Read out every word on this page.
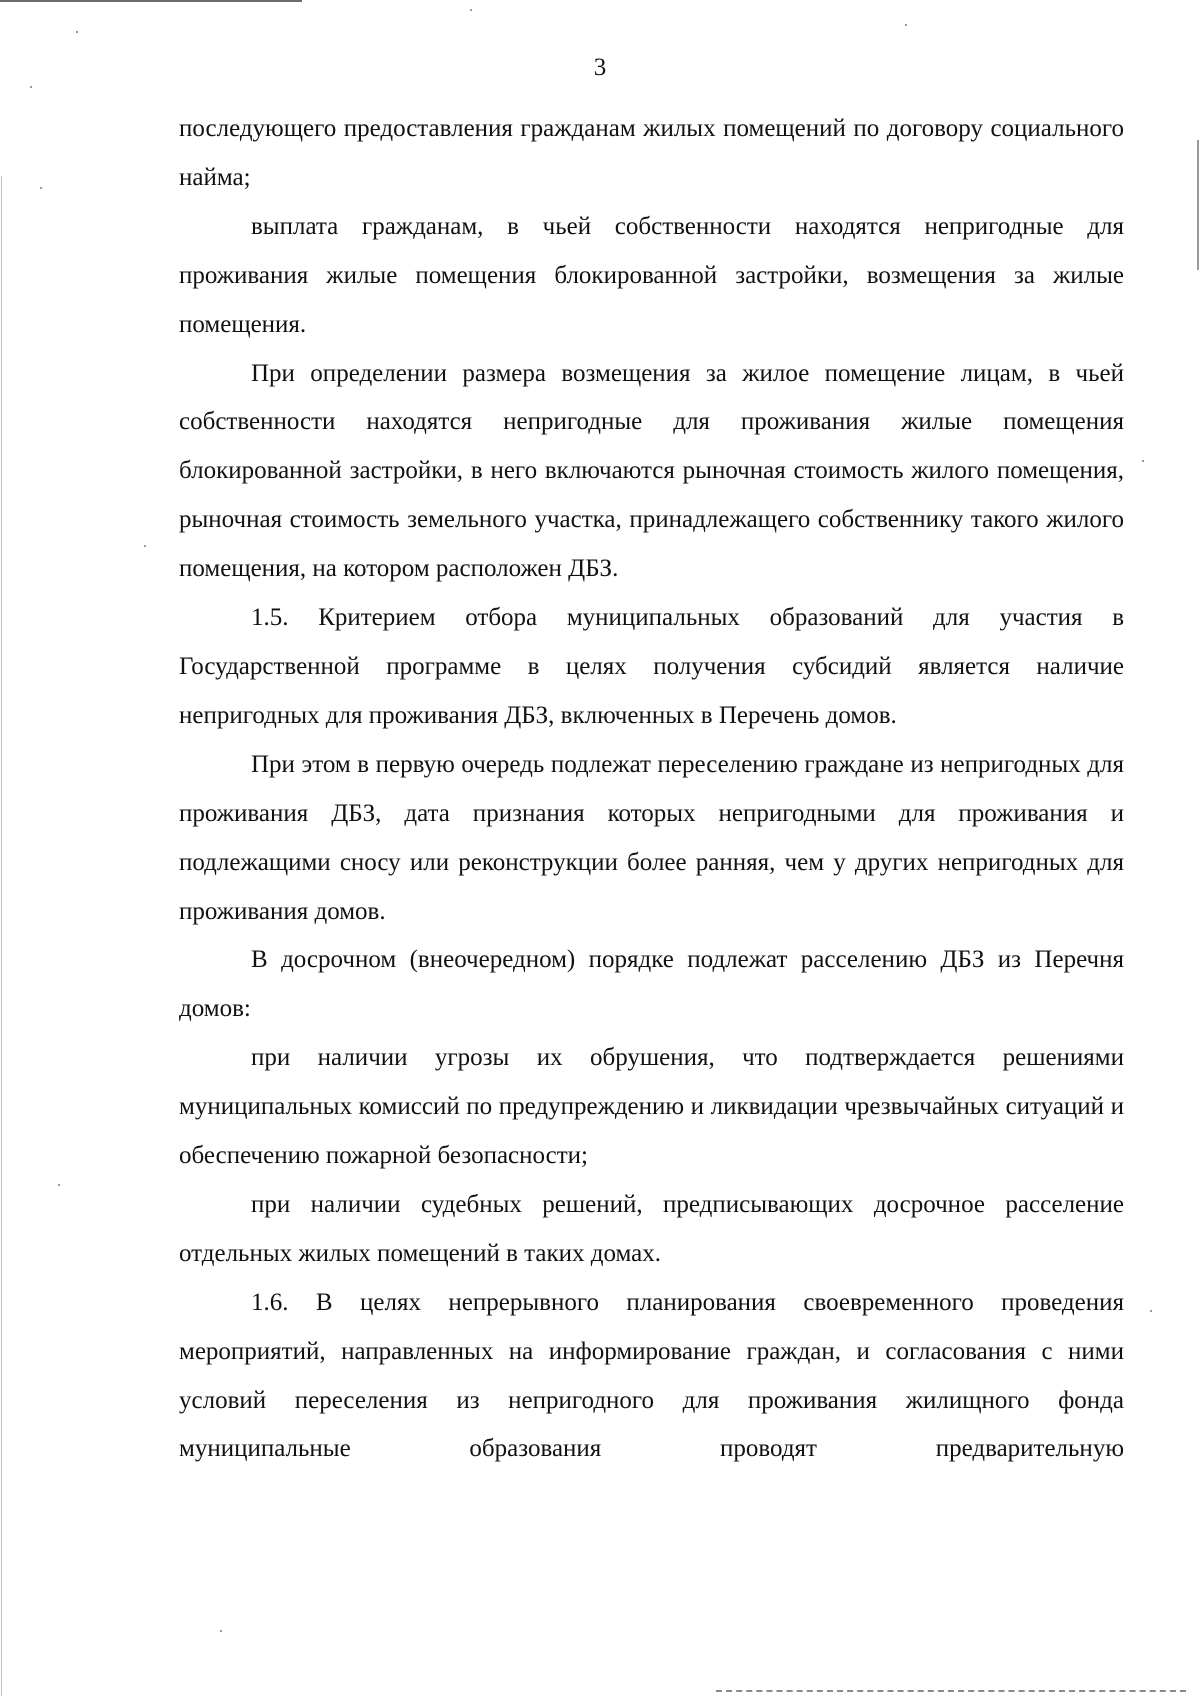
3

последующего предоставления гражданам жилых помещений по договору социального найма;

выплата гражданам, в чьей собственности находятся непригодные для проживания жилые помещения блокированной застройки, возмещения за жилые помещения.

При определении размера возмещения за жилое помещение лицам, в чьей собственности находятся непригодные для проживания жилые помещения блокированной застройки, в него включаются рыночная стоимость жилого помещения, рыночная стоимость земельного участка, принадлежащего собственнику такого жилого помещения, на котором расположен ДБЗ.

1.5. Критерием отбора муниципальных образований для участия в Государственной программе в целях получения субсидий является наличие непригодных для проживания ДБЗ, включенных в Перечень домов.

При этом в первую очередь подлежат переселению граждане из непригодных для проживания ДБЗ, дата признания которых непригодными для проживания и подлежащими сносу или реконструкции более ранняя, чем у других непригодных для проживания домов.

В досрочном (внеочередном) порядке подлежат расселению ДБЗ из Перечня домов:

при наличии угрозы их обрушения, что подтверждается решениями муниципальных комиссий по предупреждению и ликвидации чрезвычайных ситуаций и обеспечению пожарной безопасности;

при наличии судебных решений, предписывающих досрочное расселение отдельных жилых помещений в таких домах.

1.6. В целях непрерывного планирования своевременного проведения мероприятий, направленных на информирование граждан, и согласования с ними условий переселения из непригодного для проживания жилищного фонда муниципальные образования проводят предварительную
